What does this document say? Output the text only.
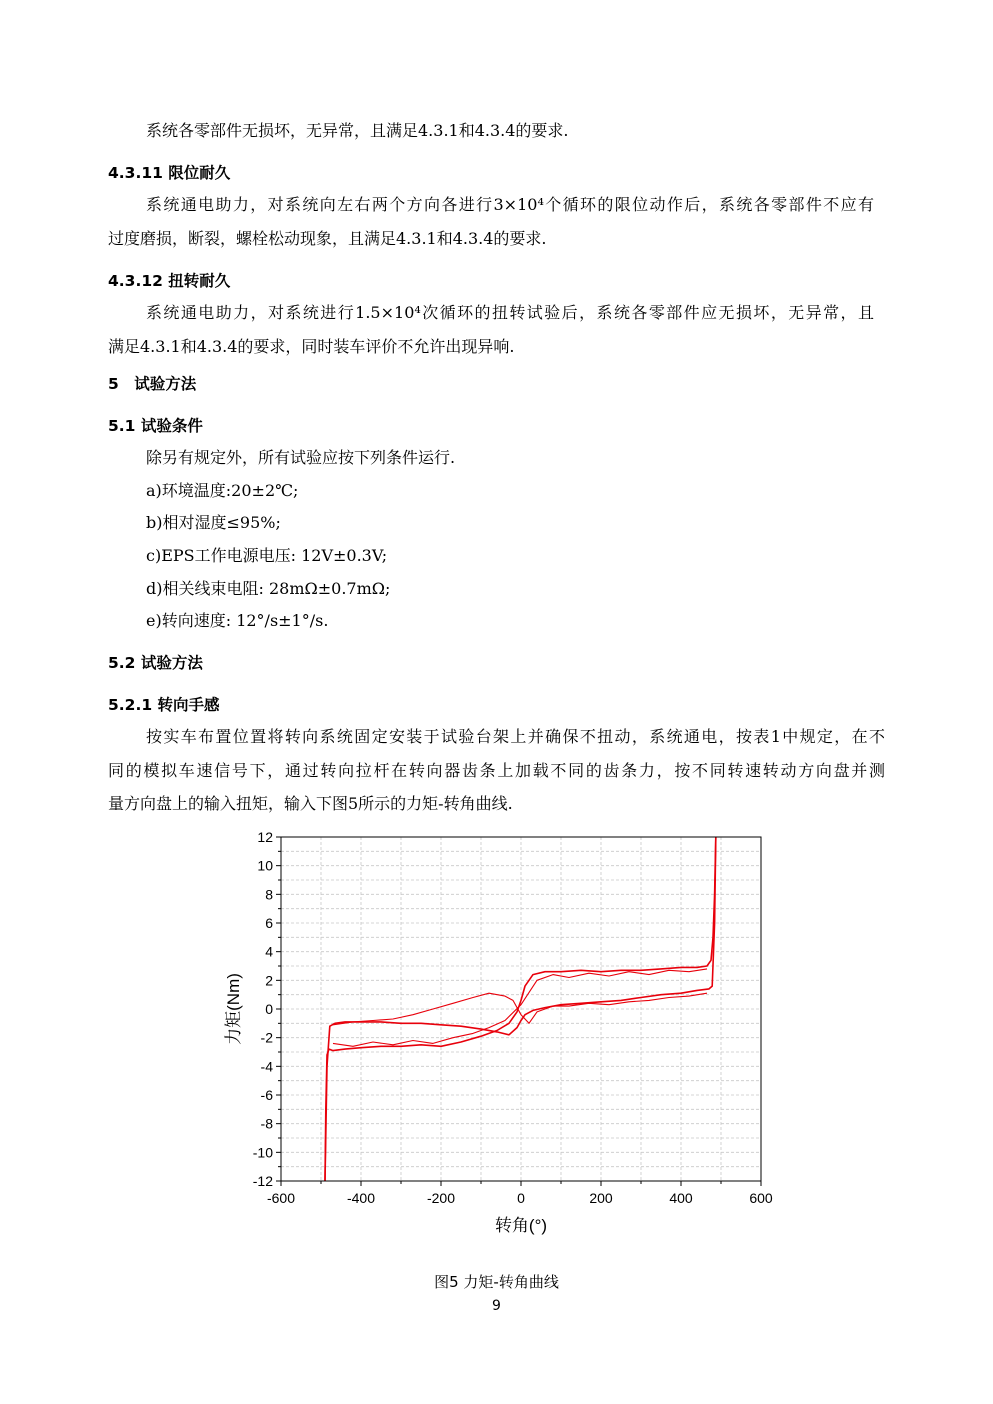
系统各零部件无损坏，无异常，且满足4.3.1和4.3.4的要求.
4.3.11 限位耐久
系统通电助力，对系统向左右两个方向各进行3×10⁴个循环的限位动作后，系统各零部件不应有
过度磨损，断裂，螺栓松动现象，且满足4.3.1和4.3.4的要求.
4.3.12 扭转耐久
系统通电助力，对系统进行1.5×10⁴次循环的扭转试验后，系统各零部件应无损坏，无异常，且
满足4.3.1和4.3.4的要求，同时装车评价不允许出现异响.
5　试验方法
5.1 试验条件
除另有规定外，所有试验应按下列条件运行.
a)环境温度:20±2℃;
b)相对湿度≤95%;
c)EPS工作电源电压: 12V±0.3V;
d)相关线束电阻: 28mΩ±0.7mΩ;
e)转向速度: 12°/s±1°/s.
5.2 试验方法
5.2.1 转向手感
按实车布置位置将转向系统固定安装于试验台架上并确保不扭动，系统通电，按表1中规定，在不
同的模拟车速信号下，通过转向拉杆在转向器齿条上加载不同的齿条力，按不同转速转动方向盘并测
量方向盘上的输入扭矩，输入下图5所示的力矩-转角曲线.
-600	-400	-200	0	200	400	600
-12
-10
-8
-6
-4
-2
0
2
4
6
8
10
12
转角(°)
力矩(Nm)
图5 力矩-转角曲线
9
